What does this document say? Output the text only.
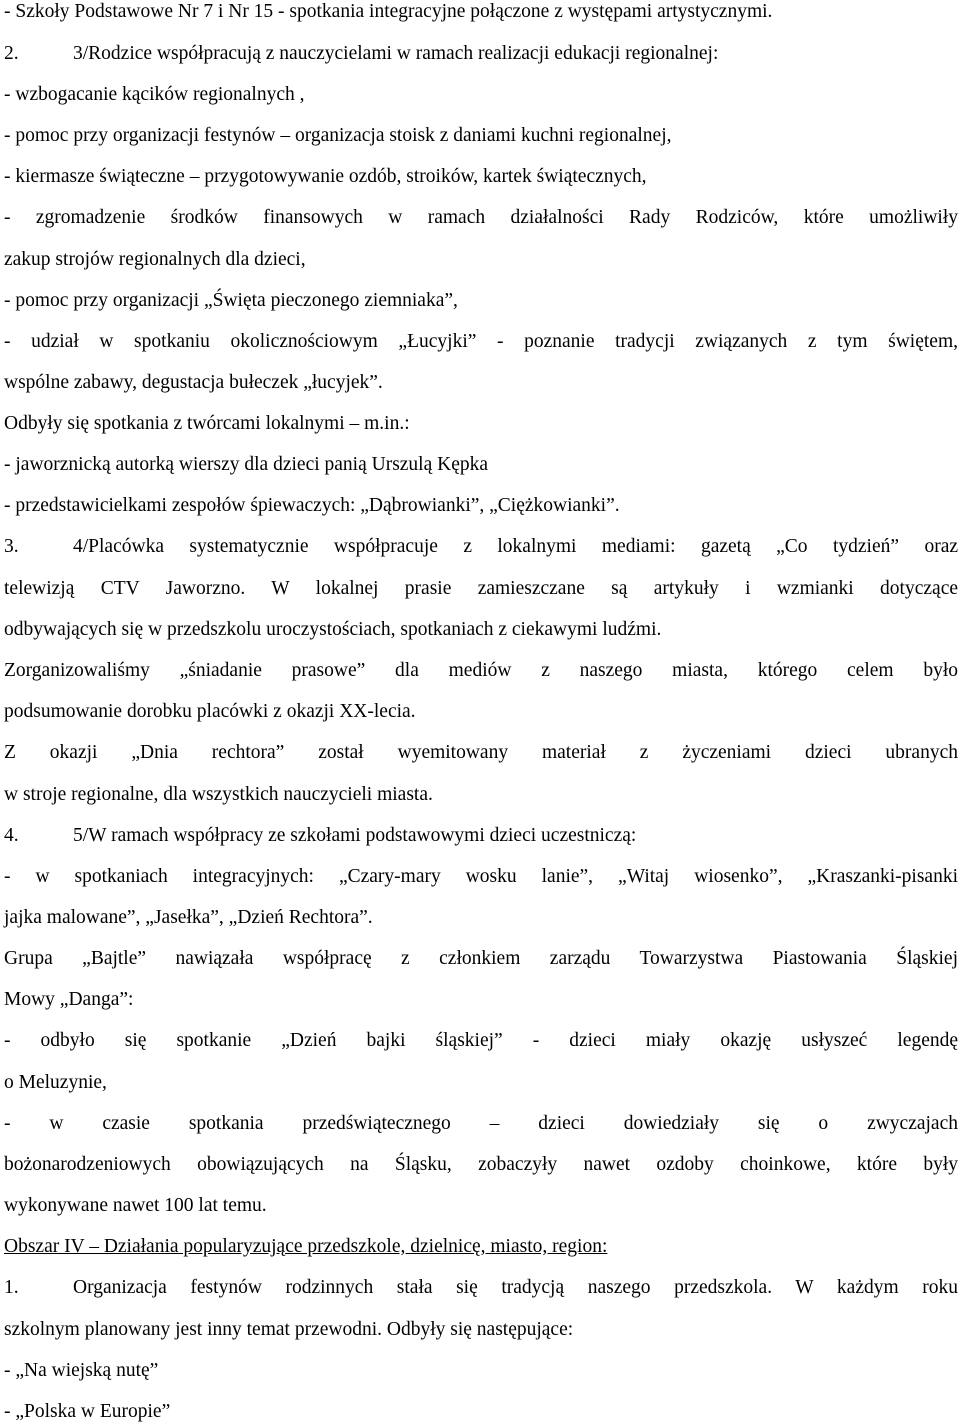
- Szkoły Podstawowe Nr 7 i Nr 15 - spotkania integracyjne połączone z występami artystycznymi.

2.	3/Rodzice współpracują z nauczycielami w ramach realizacji edukacji regionalnej:

- wzbogacanie kącików regionalnych ,

- pomoc przy organizacji festynów – organizacja stoisk z daniami kuchni regionalnej,

- kiermasze świąteczne – przygotowywanie ozdób, stroików, kartek świątecznych,

- zgromadzenie środków finansowych w ramach działalności Rady Rodziców, które umożliwiły

zakup strojów regionalnych dla dzieci,

- pomoc przy organizacji „Święta pieczonego ziemniaka”,

- udział w spotkaniu okolicznościowym „Łucyjki” - poznanie tradycji związanych z tym świętem,

wspólne zabawy, degustacja bułeczek „łucyjek”.

Odbyły się spotkania z twórcami lokalnymi – m.in.:

- jaworznicką autorką wierszy dla dzieci panią Urszulą Kępka

- przedstawicielkami zespołów śpiewaczych: „Dąbrowianki”, „Ciężkowianki”.

3.	4/Placówka systematycznie współpracuje z lokalnymi mediami: gazetą „Co tydzień” oraz

telewizją CTV Jaworzno. W lokalnej prasie zamieszczane są artykuły i wzmianki dotyczące

odbywających się w przedszkolu uroczystościach, spotkaniach z ciekawymi ludźmi.

Zorganizowaliśmy „śniadanie prasowe” dla mediów z naszego miasta, którego celem było

podsumowanie dorobku placówki z okazji XX-lecia.

Z okazji „Dnia rechtora” został wyemitowany materiał z życzeniami dzieci ubranych

w stroje regionalne, dla wszystkich nauczycieli miasta.

4.	5/W ramach współpracy ze szkołami podstawowymi dzieci uczestniczą:

- w spotkaniach integracyjnych: „Czary-mary wosku lanie”, „Witaj wiosenko”, „Kraszanki-pisanki

jajka malowane”, „Jasełka”, „Dzień Rechtora”.

Grupa „Bajtle” nawiązała współpracę z członkiem zarządu Towarzystwa Piastowania Śląskiej

Mowy „Danga”:

- odbyło się spotkanie „Dzień bajki śląskiej” - dzieci miały okazję usłyszeć legendę

o Meluzynie,

- w czasie spotkania przedświątecznego – dzieci dowiedziały się o zwyczajach

bożonarodzeniowych obowiązujących na Śląsku, zobaczyły nawet ozdoby choinkowe, które były

wykonywane nawet 100 lat temu.

Obszar IV – Działania popularyzujące przedszkole, dzielnicę, miasto, region:

1.	Organizacja festynów rodzinnych stała się tradycją naszego przedszkola. W każdym roku

szkolnym planowany jest inny temat przewodni. Odbyły się następujące:

- „Na wiejską nutę”

- „Polska w Europie”
